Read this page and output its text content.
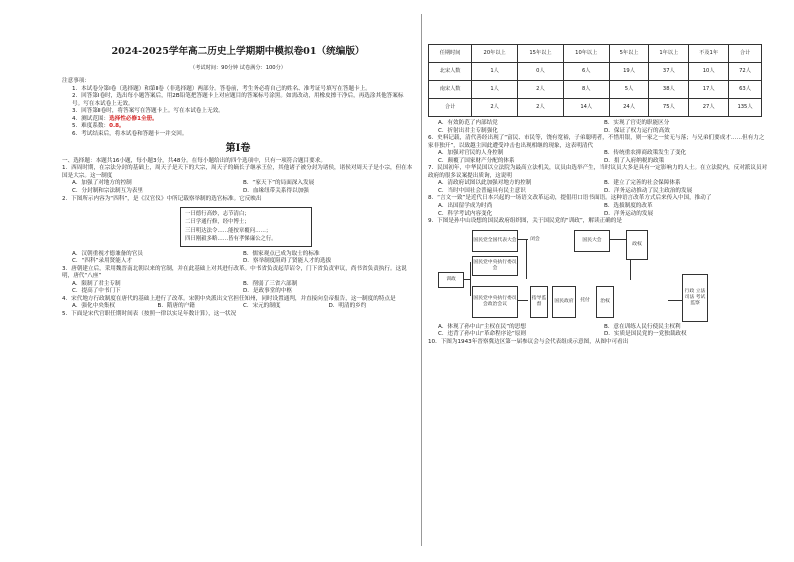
2024-2025学年高二历史上学期期中模拟卷01（统编版）
（考试时间：90分钟 试卷满分：100分）
注意事项：
1．本试卷分第Ⅰ卷（选择题）和第Ⅱ卷（非选择题）两部分。答卷前，考生务必将自己的姓名、准考证号填写在答题卡上。
2．回答第Ⅰ卷时，选出每小题答案后，用2B铅笔把答题卡上对应题目的答案标号涂黑。如需改动，用橡皮擦干净后，再选涂其他答案标号。写在本试卷上无效。
3．回答第Ⅱ卷时，将答案写在答题卡上。写在本试卷上无效。
4．测试范围：选择性必修1全册。
5．难度系数：0.8。
6．考试结束后，将本试卷和答题卡一并交回。
第Ⅰ卷
一、选择题：本题共16小题，每小题3分，共48分。在每小题给出的四个选项中，只有一项符合题目要求。
1．西周时期，在宗法分封的基础上，周天子是天下的大宗，周天子的嫡长子继承王位，其他诸子被分封为诸侯，诸侯对周天子是小宗，但在本国是大宗。这一制度
A．加强了对地方的控制	B．“家天下”的局面深入发展
C．分封制和宗法制互为表里	D．血缘纽带关系得以加强
2．下图所示内容为“四科”，是《汉官仪》中所记载察举制的选官标准。它反映出
一曰德行高妙，志节清白；
二曰学通行修，经中博士；
三曰明达法令……能按章覆问……；
四曰刚毅多略……皆有孝悌廉公之行。
A．汉朝重视才德兼备的官员	B．儒家观点已成为取士的标准
C．“四科”录用贤能人才	D．察举制度阻碍了贤能人才的选拔
3．唐朝建立后，采用魏晋南北朝以来的官制，并在此基础上对其进行改革。中书省负责起草诏令，门下省负责审议，尚书省负责执行。这说明，唐代“八座”
A．限制了君主专制	B．削弱了三省六部制
C．提高了中书门下	D．是政事堂的中枢
4．宋代地方行政制度在唐代的基础上进行了改革。宋朝中央派出文官担任知州，同时设置通判，并直接向皇帝报告，这一制度的特点是
A．强化中央集权	B．隋唐的户籍	C．宋元的制度	D．明清的乡约
5．下面是宋代官职任期时间表（按照一律以实足年数计算），这一状况
任期时间	20年以上	15年以上	10年以上	5年以上	1年以上	不及1年	合计
北宋人数	1人	0人	6人	19人	37人	10人	72人
南宋人数	1人	2人	8人	5人	38人	17人	63人
合计	2人	2人	14人	24人	75人	27人	135人
A．有效防范了内部结党	B．实现了官吏的职能区分
C．折射出君主专制强化	D．保证了权力运行的高效
6．史料记载，清代善经出现了“富民、市民等，饶有宽裕，子弟聪明者，不惜用银，则一家之一贫无与落；与兄弟们要成才……但有力之家非独开”，以致越主因此遭受冲击也出现相继的现象，这表明清代
A．加强对官民的人身控制	B．传统重农抑商政策发生了变化
C．颠覆了国家财产分配的体系	D．捐了入府纳税的政策
7．民国初年，中华民国以立法院为最高立法机关，议员由选举产生，当时议员大多是具有一定影响力的人士。在立法院内，反对派议员对政府的很多议案提出质询，这说明
A．清政府试图以此加强对地方的控制	B．建立了完善的社会保障体系
C．当时中国社会普遍具有民主意识	D．洋务运动推动了民主政治的发展
8．“言文一致”是近代日本兴起的一场语文改革运动，提倡用口语书面语。这种语言改革方式后来传入中国，推动了
A．出国留学成为时尚	B．选拔制度的改革
C．科学考试内容变化	D．洋务运动的发展
9．下图是孙中山设想的国民政府组织图，关于国民党的“训政”，解读正确的是
国民党全国代表大会	闭会
国民党中央执行委员会
训政
国民党中央执行委员会政治会议
指导监督
国民政府	托付	治权
国民大会
政权
行政 立法 司法 考试 监察
A．体现了孙中山“主权在民”的思想	B．意在训练人民行使民主权利
C．违背了孙中山“革命程序论”原则	D．实质是国民党的一党独裁政权
10．下图为1943年晋察冀边区第一届参议会与会代表组成示意图，从图中可看出
